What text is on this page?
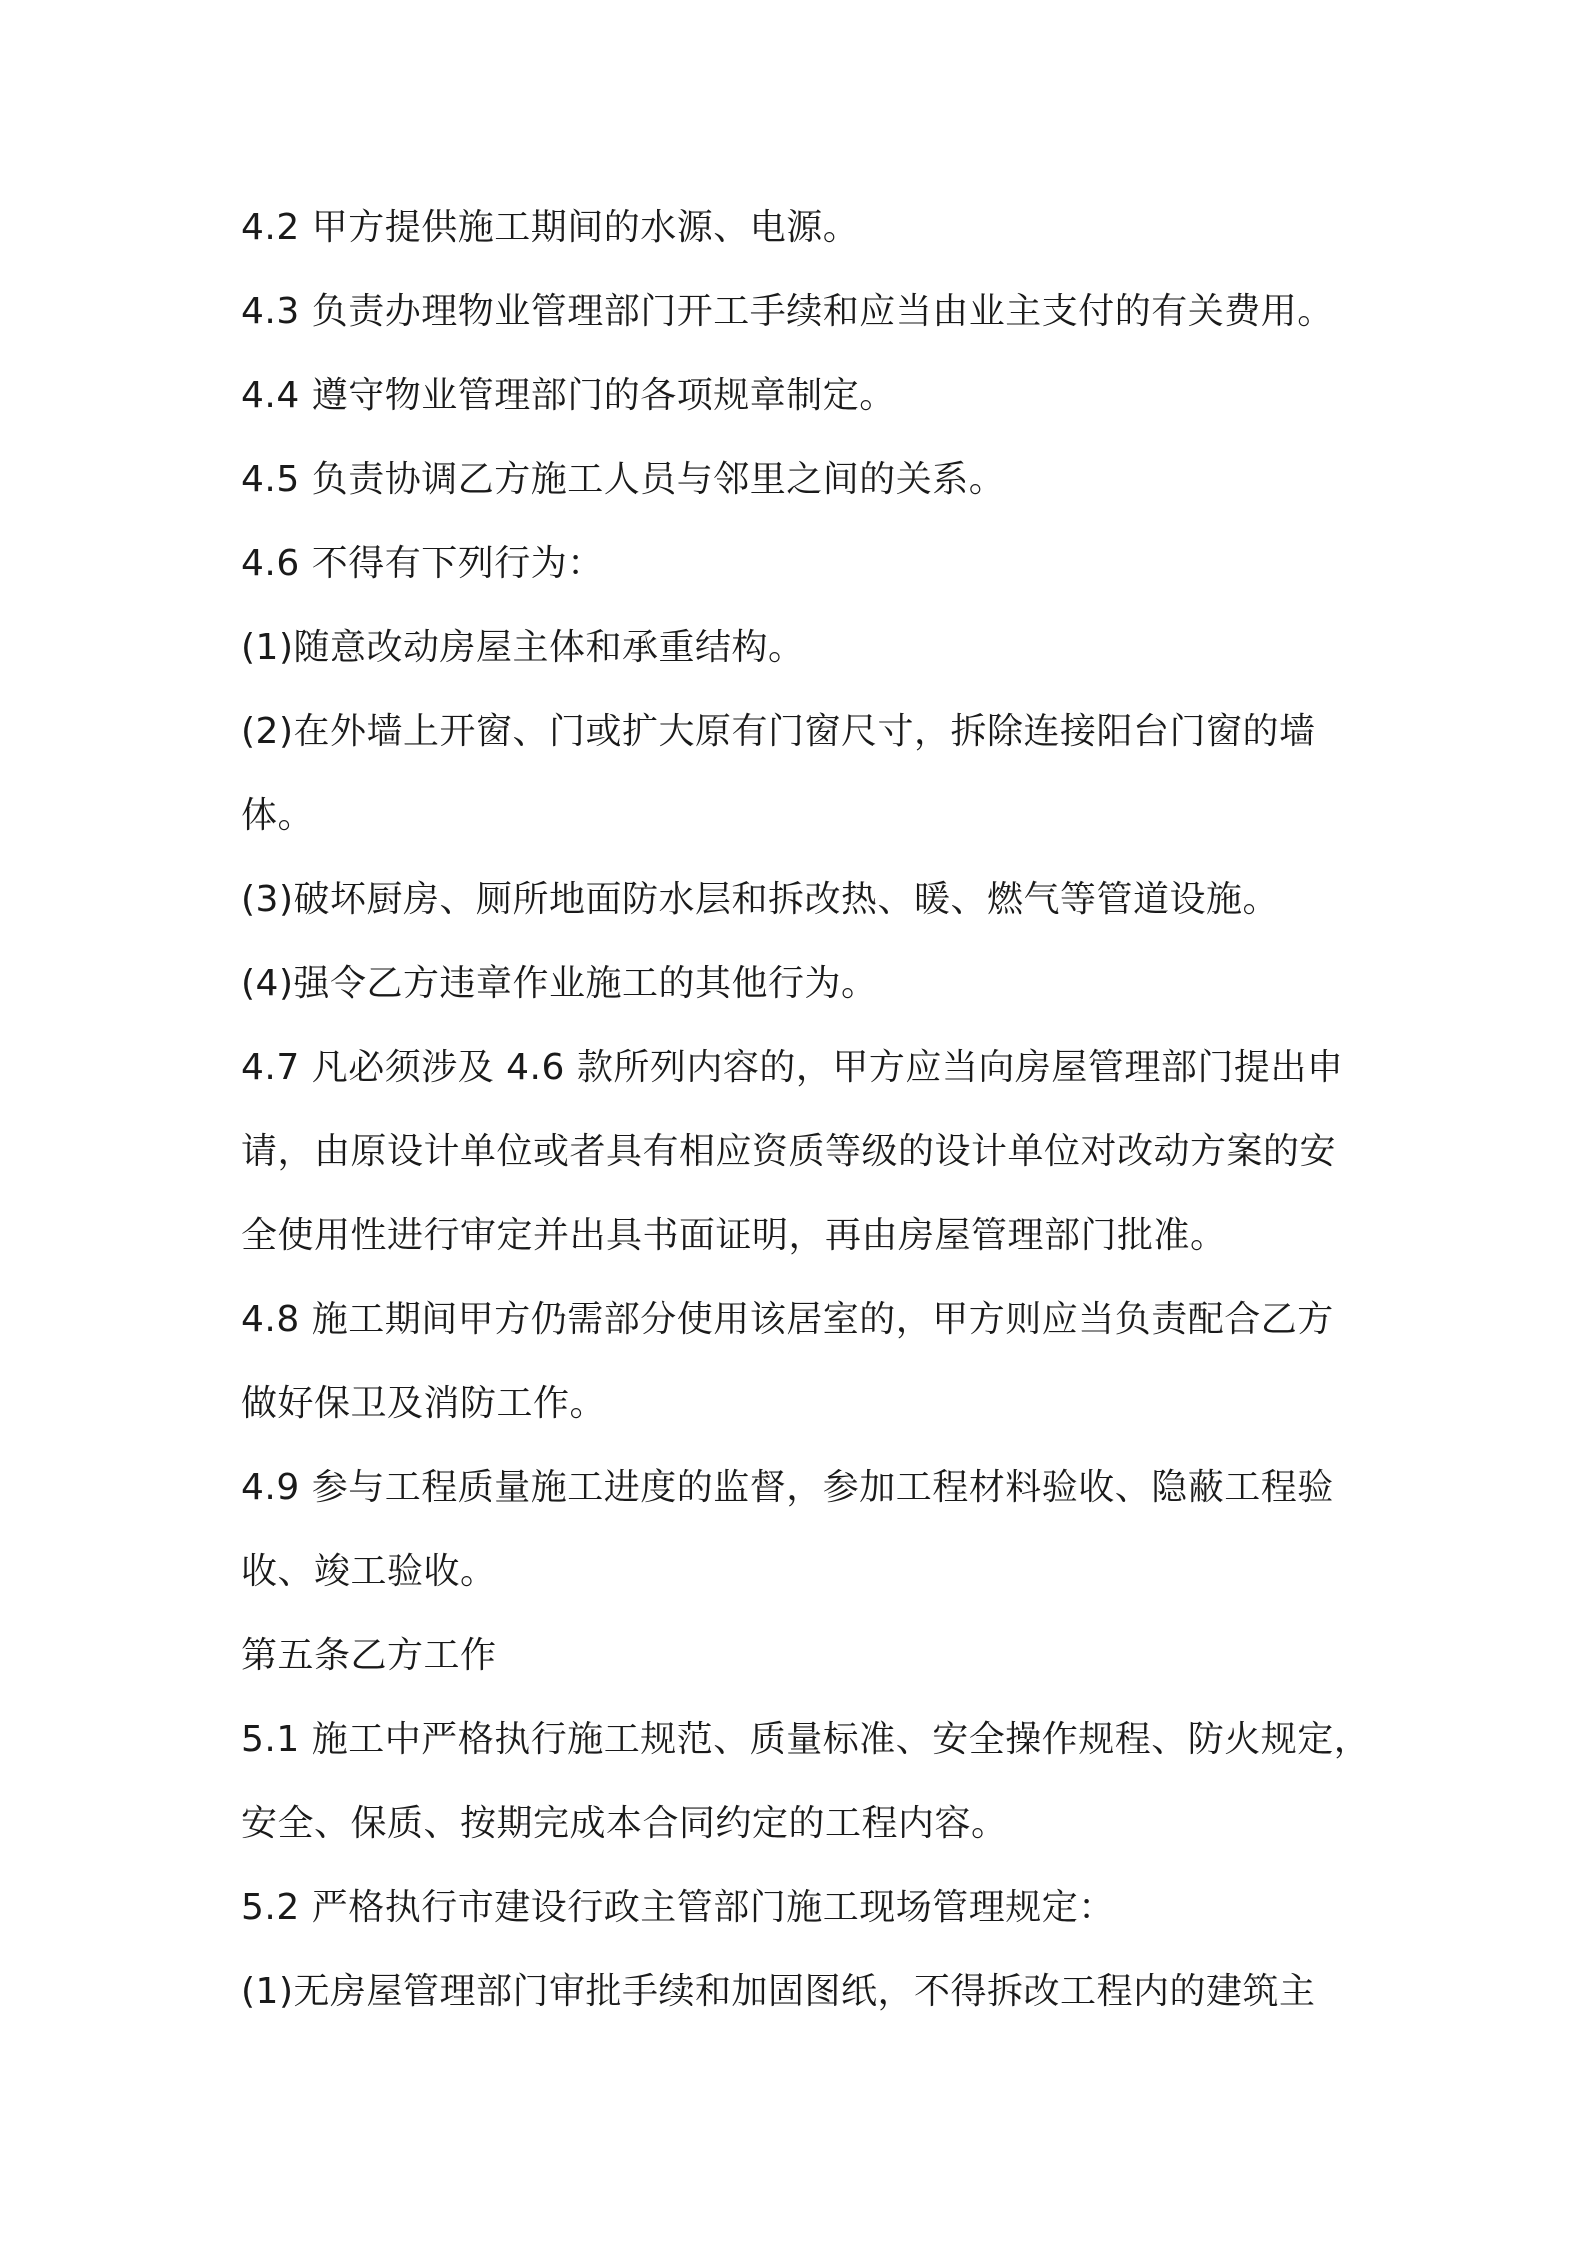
4.2 甲方提供施工期间的水源、电源。
4.3 负责办理物业管理部门开工手续和应当由业主支付的有关费用。
4.4 遵守物业管理部门的各项规章制定。
4.5 负责协调乙方施工人员与邻里之间的关系。
4.6 不得有下列行为：
(1)随意改动房屋主体和承重结构。
(2)在外墙上开窗、门或扩大原有门窗尺寸，拆除连接阳台门窗的墙
体。
(3)破坏厨房、厕所地面防水层和拆改热、暖、燃气等管道设施。
(4)强令乙方违章作业施工的其他行为。
4.7 凡必须涉及 4.6 款所列内容的，甲方应当向房屋管理部门提出申
请，由原设计单位或者具有相应资质等级的设计单位对改动方案的安
全使用性进行审定并出具书面证明，再由房屋管理部门批准。
4.8 施工期间甲方仍需部分使用该居室的，甲方则应当负责配合乙方
做好保卫及消防工作。
4.9 参与工程质量施工进度的监督，参加工程材料验收、隐蔽工程验
收、竣工验收。
第五条乙方工作
5.1 施工中严格执行施工规范、质量标准、安全操作规程、防火规定，
安全、保质、按期完成本合同约定的工程内容。
5.2 严格执行市建设行政主管部门施工现场管理规定：
(1)无房屋管理部门审批手续和加固图纸，不得拆改工程内的建筑主
